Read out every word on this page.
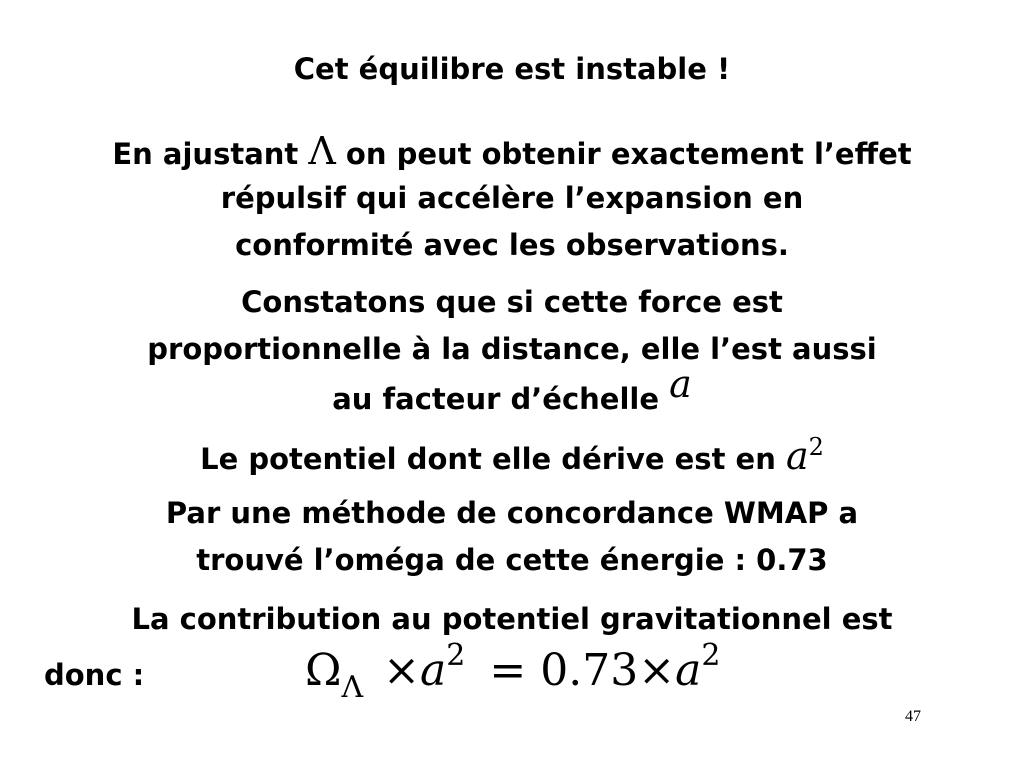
Cet équilibre est instable !

En ajustant Λ on peut obtenir exactement l’effet

répulsif qui accélère l’expansion en

conformité avec les observations.

Constatons que si cette force est

proportionnelle à la distance, elle l’est aussi

au facteur d’échelle a

Le potentiel dont elle dérive est en $a^2$

Par une méthode de concordance WMAP a

trouvé l’oméga de cette énergie : 0.73

La contribution au potentiel gravitationnel est

donc :	$\Omega_\Lambda \times a^2 = 0.73\times a^2$
47
